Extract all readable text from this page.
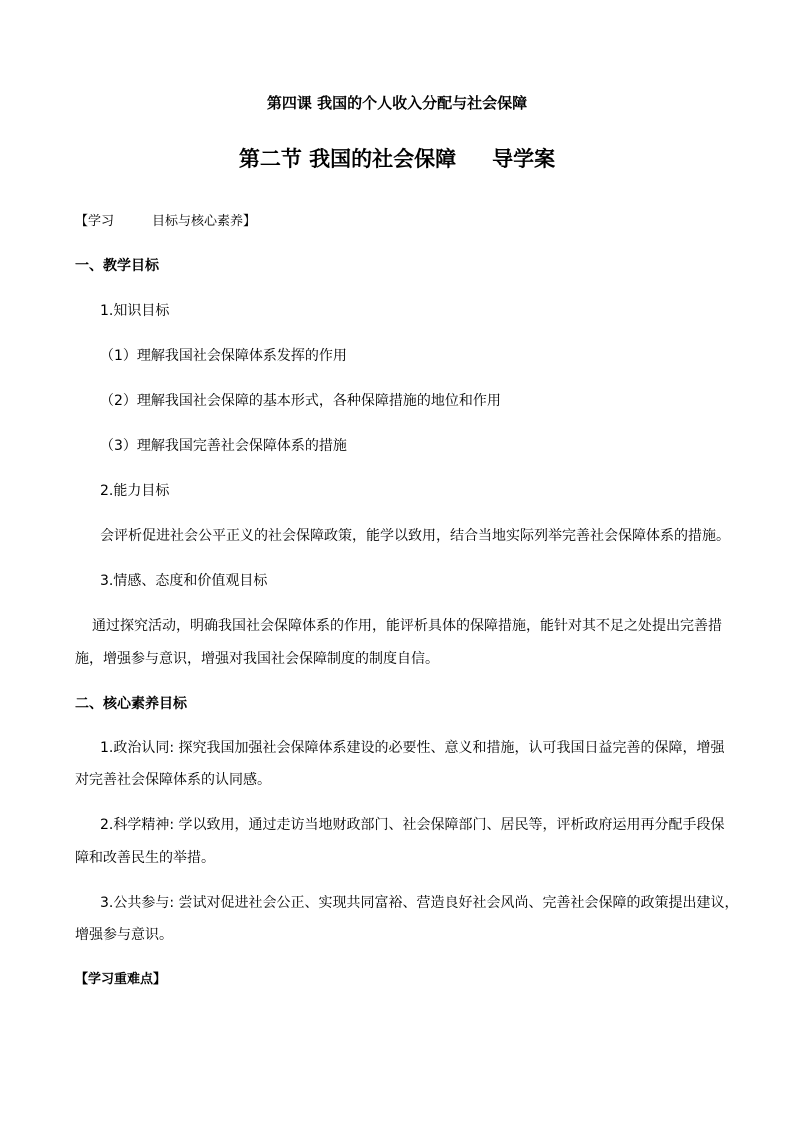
第四课 我国的个人收入分配与社会保障
第二节 我国的社会保障 导学案
【学习	目标与核心素养】
一、教学目标
1.知识目标
（1）理解我国社会保障体系发挥的作用
（2）理解我国社会保障的基本形式，各种保障措施的地位和作用
（3）理解我国完善社会保障体系的措施
2.能力目标
会评析促进社会公平正义的社会保障政策，能学以致用，结合当地实际列举完善社会保障体系的措施。
3.情感、态度和价值观目标
通过探究活动，明确我国社会保障体系的作用，能评析具体的保障措施，能针对其不足之处提出完善措
施，增强参与意识，增强对我国社会保障制度的制度自信。
二、核心素养目标
1.政治认同: 探究我国加强社会保障体系建设的必要性、意义和措施，认可我国日益完善的保障，增强
对完善社会保障体系的认同感。
2.科学精神: 学以致用，通过走访当地财政部门、社会保障部门、居民等，评析政府运用再分配手段保
障和改善民生的举措。
3.公共参与: 尝试对促进社会公正、实现共同富裕、营造良好社会风尚、完善社会保障的政策提出建议，
增强参与意识。
【学习重难点】
